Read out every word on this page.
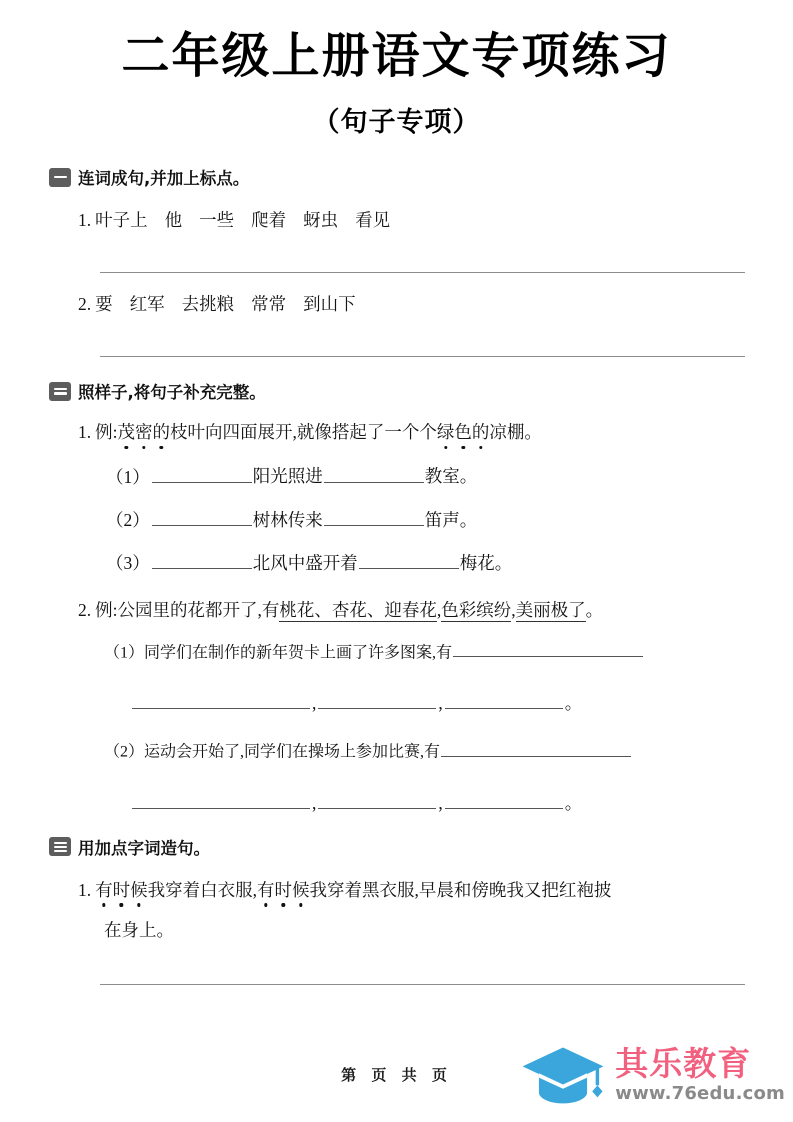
二年级上册语文专项练习
（句子专项）
连词成句,并加上标点。
1. 叶子上 他 一些 爬着 蚜虫 看见
2. 要 红军 去挑粮 常常 到山下
照样子,将句子补充完整。
1. 例:茂密的枝叶向四面展开,就像搭起了一个个绿色的凉棚。
（1）	阳光照进	教室。
（2）	树林传来	笛声。
（3）	北风中盛开着	梅花。
2. 例:公园里的花都开了,有桃花、杏花、迎春花,色彩缤纷,美丽极了。
（1）同学们在制作的新年贺卡上画了许多图案,有
,	,	。
（2）运动会开始了,同学们在操场上参加比赛,有
,	,	。
用加点字词造句。
1. 有时候我穿着白衣服,有时候我穿着黑衣服,早晨和傍晚我又把红袍披
在身上。
第 页 共 页	其乐教育
www.76edu.com
